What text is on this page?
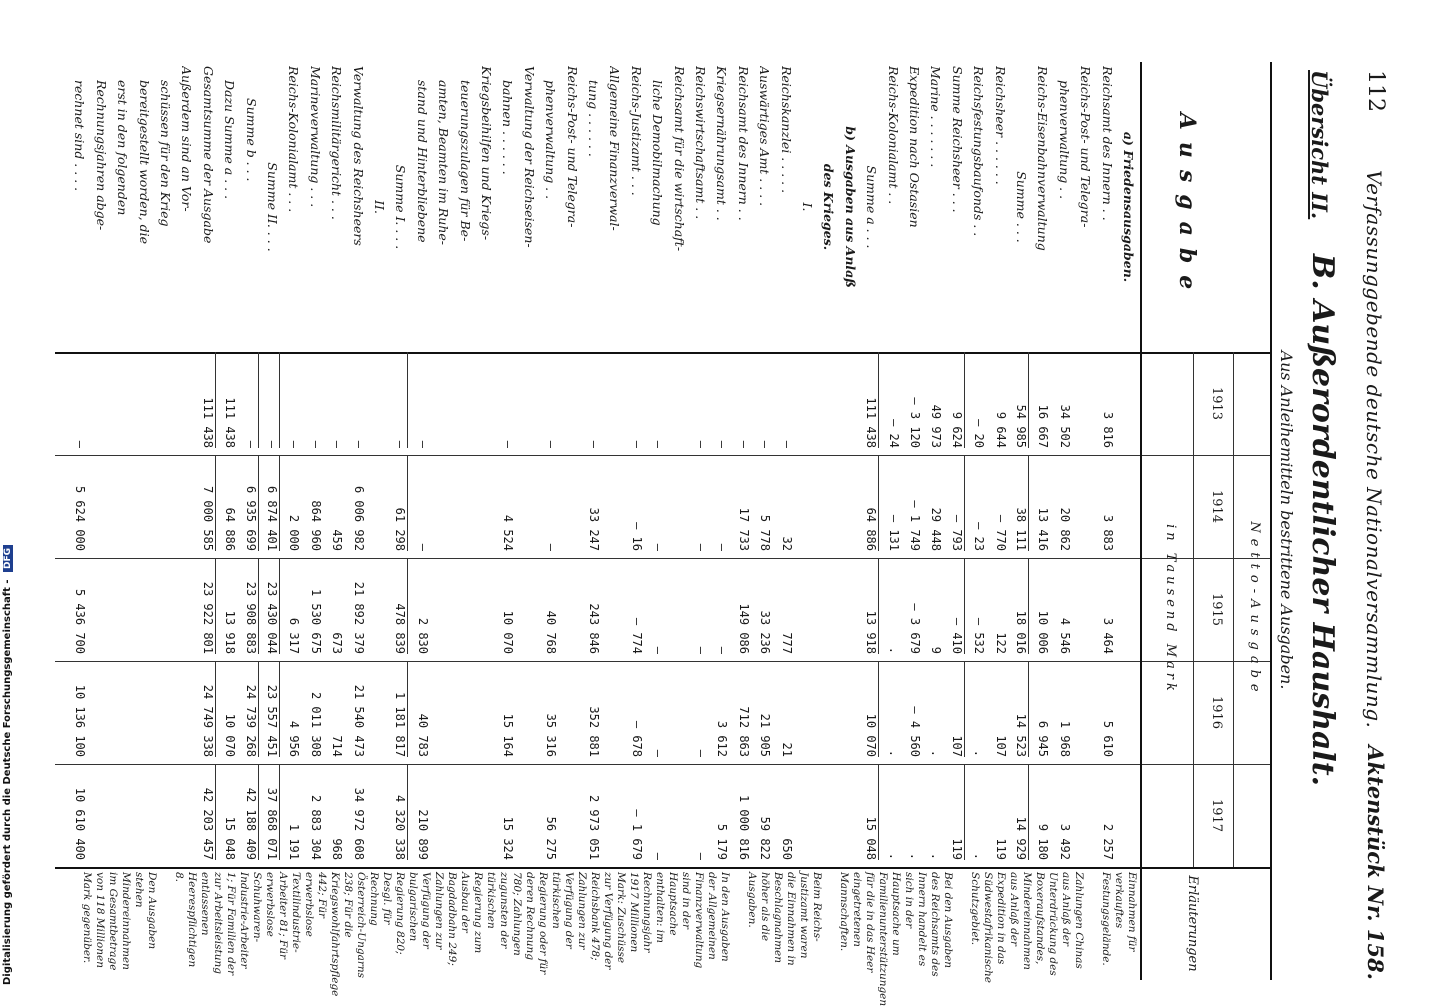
Digitalisierung gefördert durch die Deutsche Forschungsgemeinschaft - DFG
112
Verfassunggebende deutsche Nationalversammlung.
Aktenstück Nr. 158.
Übersicht II.
B. Außerordentlicher Haushalt.
Aus Anleihemitteln bestrittene Ausgaben.
Ausgabe
Netto-Ausgabe
in Tausend Mark
Erläuterungen
1913
1914
1915
1916
1917
a) Friedensausgaben.
Reichsamt des Innern . .
3 816
3 883
3 464
5 610
2 257
Reichs-Post- und Telegra-
phenverwaltung . .
34 502
20 862
4 546
1 968
3 492
Reichs-Eisenbahnverwaltung
16 667
13 416
10 006
6 945
9 180
Summe . . .
54 985
38 111
18 016
14 523
14 929
Reichsheer . . . . . .
9 644
— 770
122
107
119
Reichsfestungsbaufonds . .
— 20
— 23
— 532
.
.
Summe Reichsheer . . .
9 624
— 793
— 410
107
119
Marine . . . . . . .
49 973
29 448
9
.
.
Expedition nach Ostasien
— 3 120
— 1 749
— 3 679
— 4 560
.
Reichs-Kolonialamt . .
— 24
— 131
.
.
.
Summe a . . .
111 438
64 886
13 918
10 070
15 048
b) Ausgaben aus Anlaß
des Krieges.
I.
Reichskanzlei . . . . .
—
32
777
21
650
Auswärtiges Amt . . . .
—
5 778
33 236
21 905
59 822
Reichsamt des Innern . .
—
17 733
149 086
712 863
1 000 816
Kriegsernährungsamt . .
—
—
—
3 612
5 179
Reichswirtschaftsamt . .
—
—
—
—
—
Reichsamt für die wirtschaft-
liche Demobilmachung
—
—
—
—
—
Reichs-Justizamt . . .
—
— 16
— 774
— 678
— 1 679
Allgemeine Finanzverwal-
tung . . . . . .
—
33 247
243 846
352 881
2 973 051
Reichs-Post- und Telegra-
phenverwaltung . .
—
—
40 768
35 316
56 275
Verwaltung der Reichseisen-
bahnen . . . . . .
—
4 524
10 070
15 164
15 324
Kriegsbeihilfen und Kriegs-
teuerungszulagen für Be-
amten, Beamten im Ruhe-
stand und Hinterbliebene
—
—
2 830
40 783
210 899
Summe I. . . .
—
61 298
478 839
1 181 817
4 320 338
II.
Verwaltung des Reichsheers
—
6 006 982
21 892 379
21 540 473
34 972 608
Reichsmilitärgericht . . .
—
459
673
714
968
Marineverwaltung . . .
—
864 960
1 530 675
2 011 308
2 883 304
Reichs-Kolonialamt . . .
—
2 000
6 317
4 956
1 191
Summe II. . . .
—
6 874 401
23 430 044
23 557 451
37 868 071
Summe b . . .
—
6 935 699
23 908 883
24 739 268
42 188 409
Dazu Summe a . . .
111 438
64 886
13 918
10 070
15 048
Gesamtsumme der Ausgabe
111 438
7 000 585
23 922 801
24 749 338
42 203 457
Außerdem sind an Vor-
schüssen für den Krieg
bereitgestellt worden, die
erst in den folgenden
Rechnungsjahren abge-
rechnet sind . . . .
—
5 624 000
5 436 700
10 136 100
10 610 400

Einnahmen für verkauftes Festungsgelände.

Zahlungen Chinas aus Anlaß der Unterdrückung des Boxeraufstandes, Mindereinnahmen aus Anlaß der Expedition in das Südwestafrikanische Schutzgebiet.

Bei den Ausgaben des Reichsamts des Innern handelt es sich in der Hauptsache um Familienunterstützungen für die in das Heer eingetretenen Mannschaften.

Beim Reichs-Justizamt waren die Einnahmen in Beschlagnahmen höher als die Ausgaben.

In den Ausgaben der Allgemeinen Finanzverwaltung sind in der Hauptsache enthalten: im Rechnungsjahr 1917 Millionen Mark: Zuschüsse zur Verfügung der Reichsbank 478; Zahlungen zur Verfügung der türkischen Regierung oder für deren Rechnung 780; Zahlungen zugunsten der türkischen Regierung zum Ausbau der Bagdadbahn 249; Zahlungen zur Verfügung der bulgarischen Regierung 820; Desgl. für Rechnung Österreich-Ungarns 238; Für die Kriegswohlfahrtspflege 442; Für erwerbslose Textilindustrie-Arbeiter 81; Für erwerbslose Schuhwaren-Industrie-Arbeiter 1; Für Familien der zur Arbeitsleistung entlassenen Heerespflichtigen 8.

Den Ausgaben stehen Mindereinnahmen im Gesamtbetrage von 118 Millionen Mark gegenüber.
